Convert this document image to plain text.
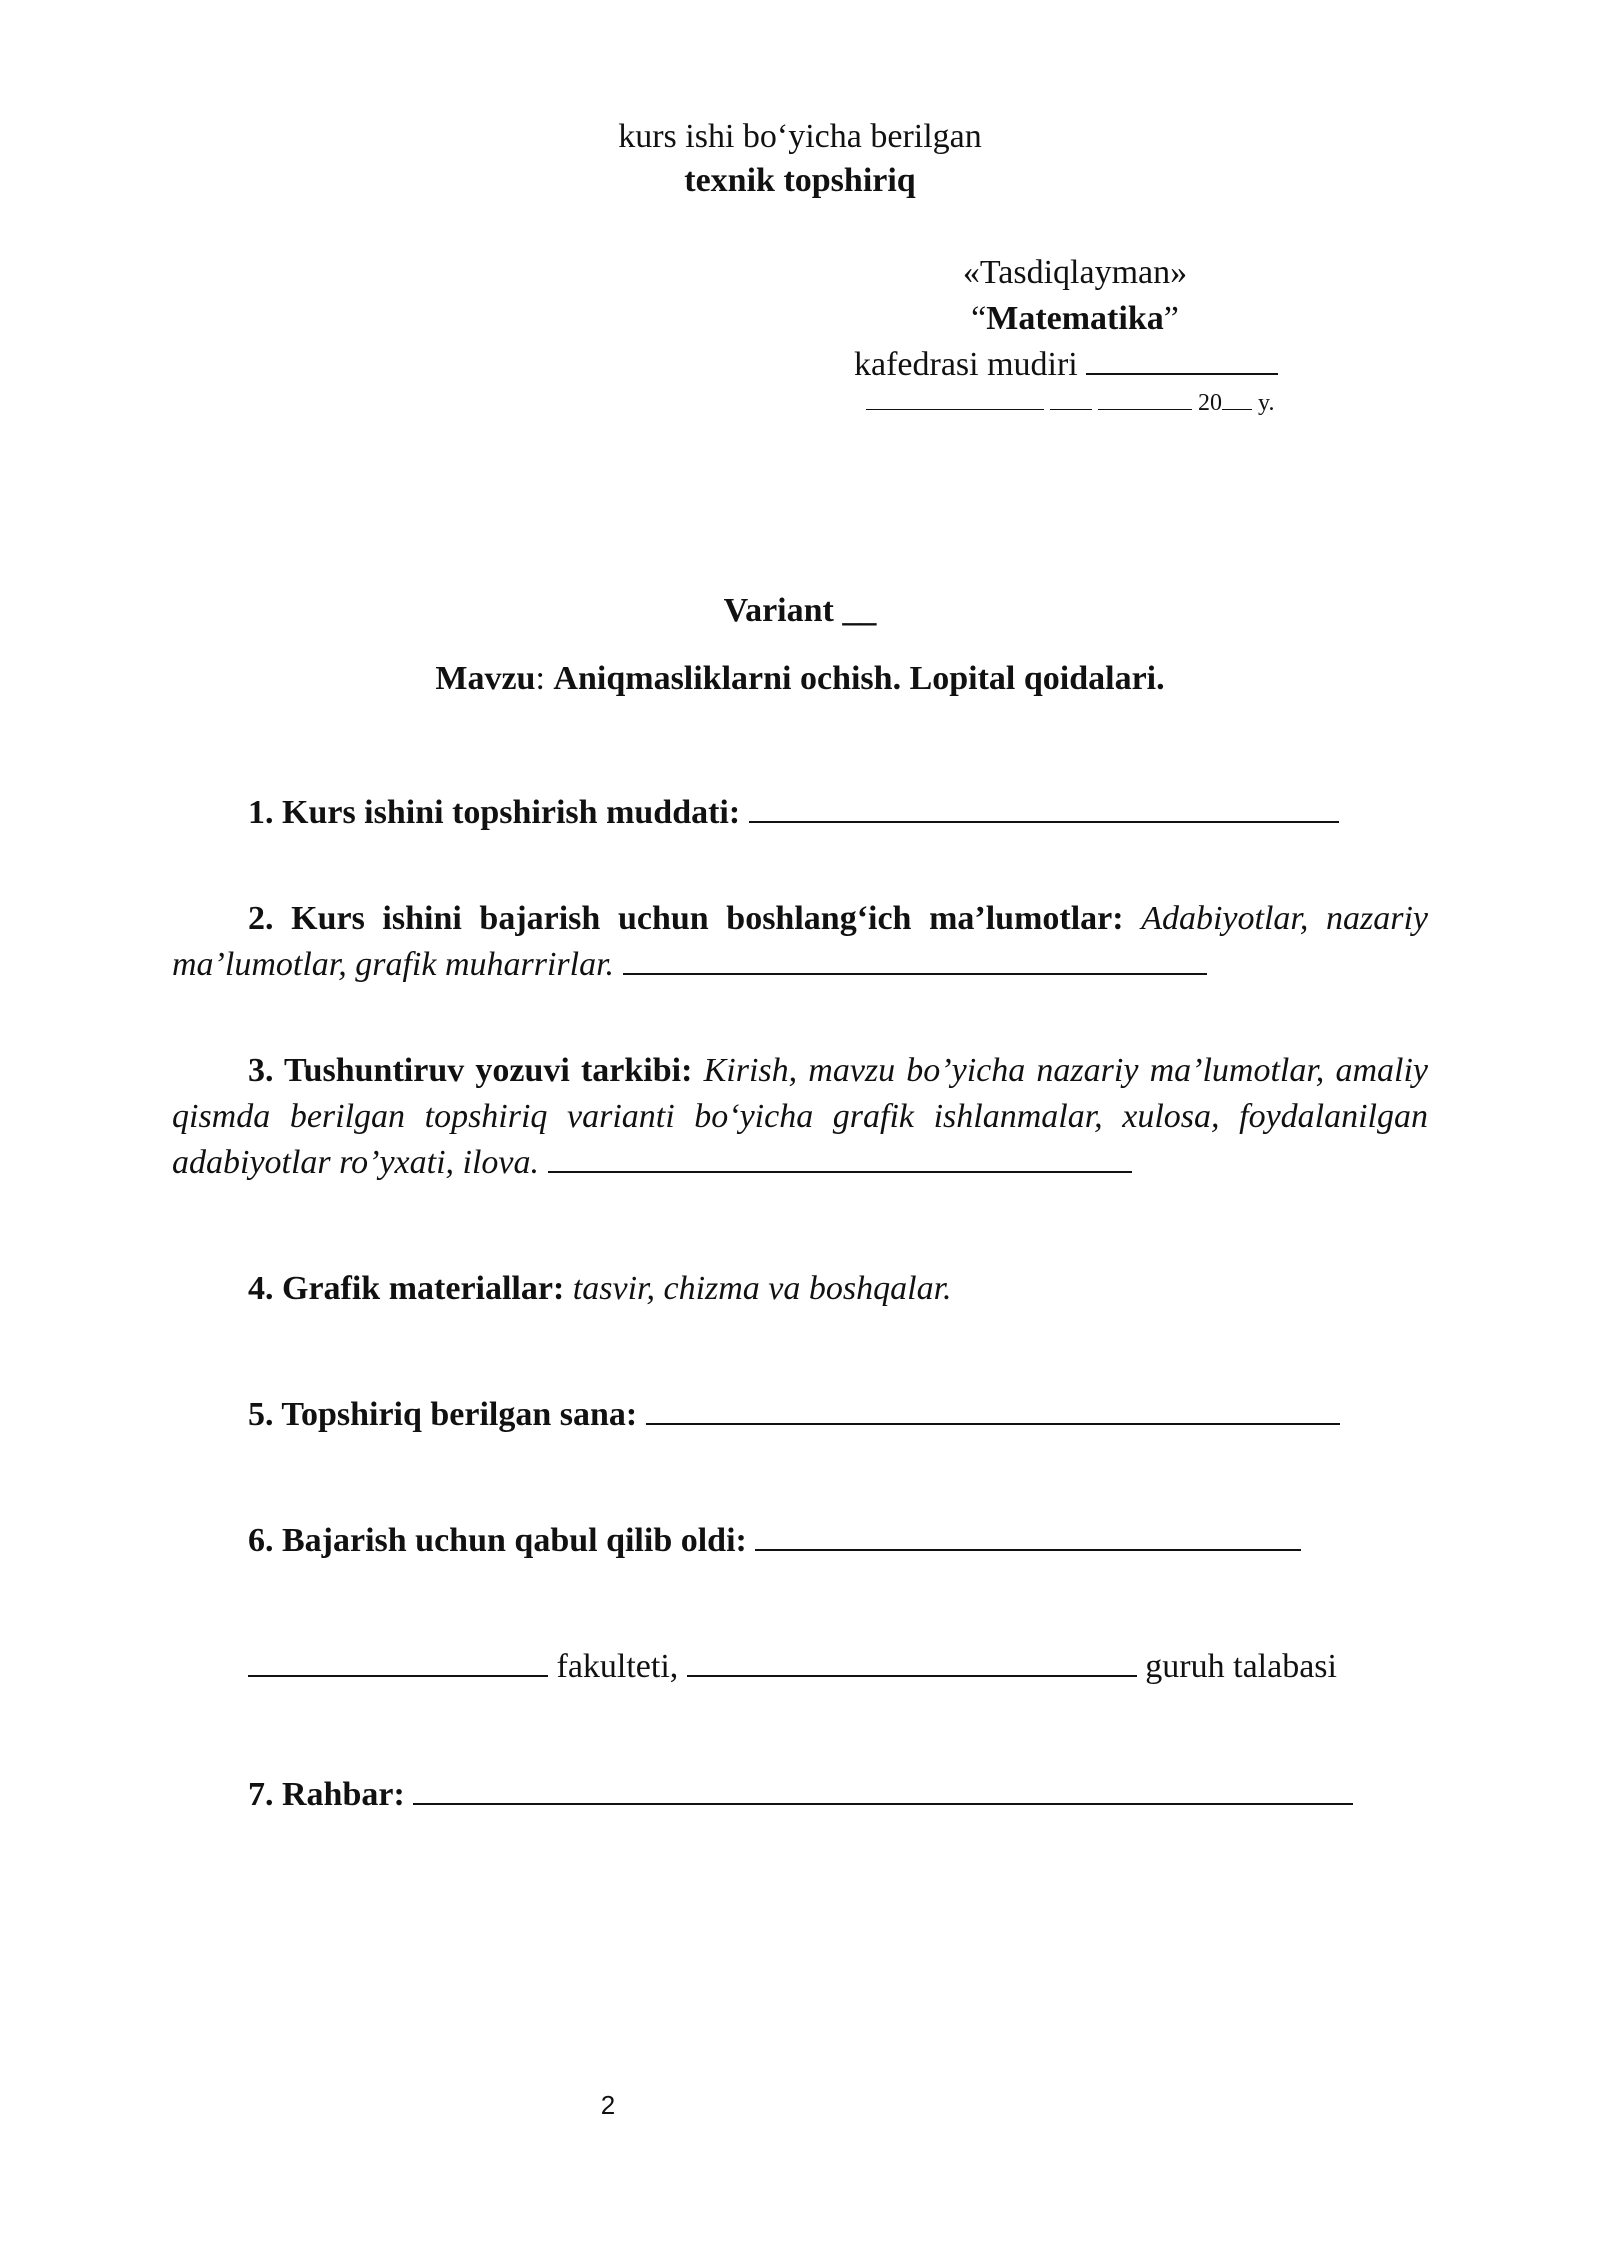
kurs ishi bo‘yicha berilgan
texnik topshiriq
«Tasdiqlayman»
“Matematika”
kafedrasi mudiri
20 y.
Variant __
Mavzu: Aniqmasliklarni ochish. Lopital qoidalari.
1. Kurs ishini topshirish muddati:
2. Kurs ishini bajarish uchun boshlang‘ich ma’lumotlar: Adabiyotlar, nazariy ma’lumotlar, grafik muharrirlar.
3. Tushuntiruv yozuvi tarkibi: Kirish, mavzu bo’yicha nazariy ma’lumotlar, amaliy qismda berilgan topshiriq varianti bo‘yicha grafik ishlanmalar, xulosa, foydalanilgan adabiyotlar ro’yxati, ilova.
4. Grafik materiallar: tasvir, chizma va boshqalar.
5. Topshiriq berilgan sana:
6. Bajarish uchun qabul qilib oldi:
fakulteti,	guruh talabasi
7. Rahbar:
2
